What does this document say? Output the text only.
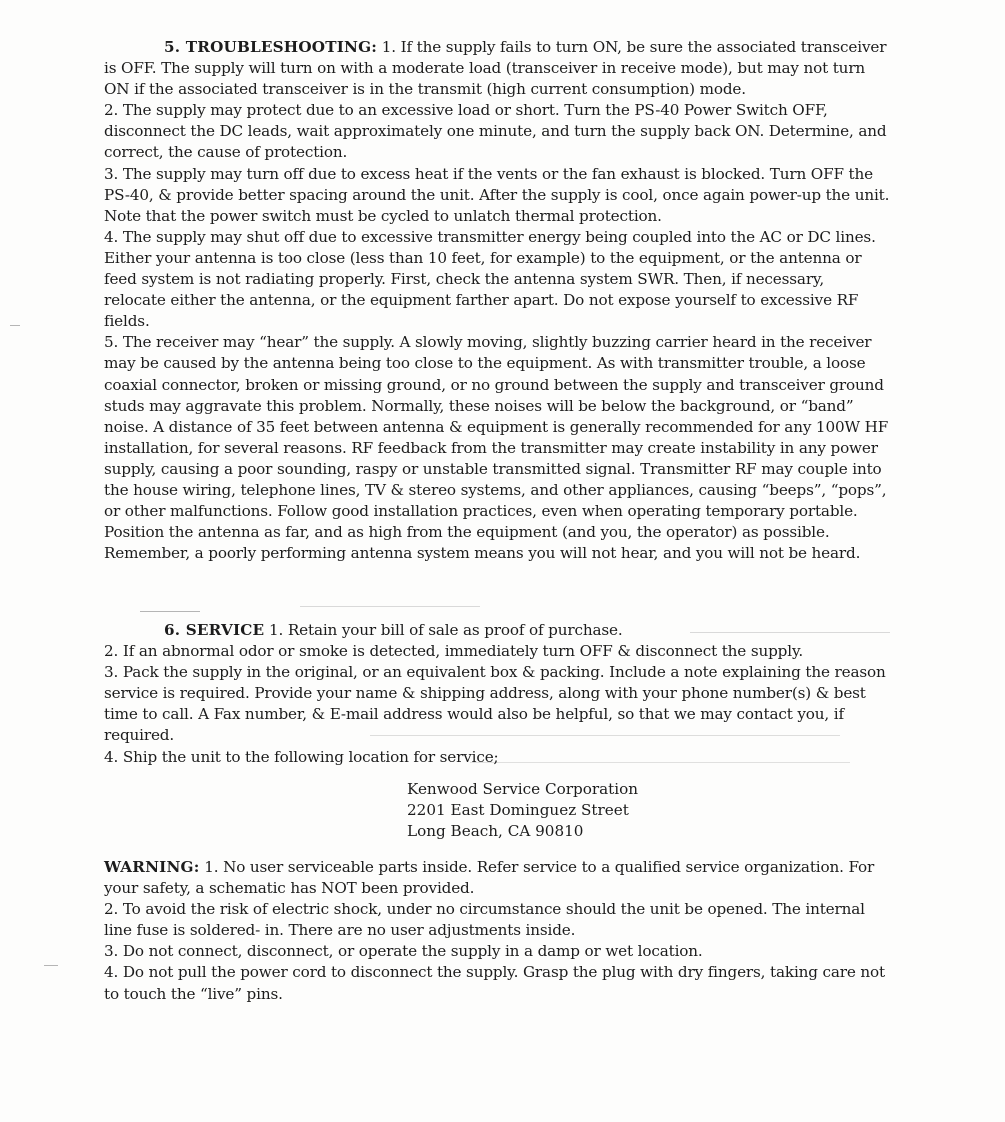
5. TROUBLESHOOTING: 1. If the supply fails to turn ON, be sure the associated transceiver is OFF. The supply will turn on with a moderate load (transceiver in receive mode), but may not turn ON if the associated transceiver is in the transmit (high current consumption) mode.

2. The supply may protect due to an excessive load or short. Turn the PS-40 Power Switch OFF, disconnect the DC leads, wait approximately one minute, and turn the supply back ON. Determine, and correct, the cause of protection.

3. The supply may turn off due to excess heat if the vents or the fan exhaust is blocked. Turn OFF the PS-40, & provide better spacing around the unit. After the supply is cool, once again power-up the unit. Note that the power switch must be cycled to unlatch thermal protection.

4. The supply may shut off due to excessive transmitter energy being coupled into the AC or DC lines. Either your antenna is too close (less than 10 feet, for example) to the equipment, or the antenna or feed system is not radiating properly. First, check the antenna system SWR. Then, if necessary, relocate either the antenna, or the equipment farther apart. Do not expose yourself to excessive RF fields.

5. The receiver may “hear” the supply. A slowly moving, slightly buzzing carrier heard in the receiver may be caused by the antenna being too close to the equipment. As with transmitter trouble, a loose coaxial connector, broken or missing ground, or no ground between the supply and transceiver ground studs may aggravate this problem. Normally, these noises will be below the background, or “band” noise. A distance of 35 feet between antenna & equipment is generally recommended for any 100W HF installation, for several reasons. RF feedback from the transmitter may create instability in any power supply, causing a poor sounding, raspy or unstable transmitted signal. Transmitter RF may couple into the house wiring, telephone lines, TV & stereo systems, and other appliances, causing “beeps”, “pops”, or other malfunctions. Follow good installation practices, even when operating temporary portable. Position the antenna as far, and as high from the equipment (and you, the operator) as possible. Remember, a poorly performing antenna system means you will not hear, and you will not be heard.

6. SERVICE 1. Retain your bill of sale as proof of purchase.

2. If an abnormal odor or smoke is detected, immediately turn OFF & disconnect the supply.

3. Pack the supply in the original, or an equivalent box & packing. Include a note explaining the reason service is required. Provide your name & shipping address, along with your phone number(s) & best time to call. A Fax number, & E-mail address would also be helpful, so that we may contact you, if required.

4. Ship the unit to the following location for service;

Kenwood Service Corporation
2201 East Dominguez Street
Long Beach, CA 90810

WARNING: 1. No user serviceable parts inside. Refer service to a qualified service organization. For your safety, a schematic has NOT been provided.

2. To avoid the risk of electric shock, under no circumstance should the unit be opened. The internal line fuse is soldered- in. There are no user adjustments inside.

3. Do not connect, disconnect, or operate the supply in a damp or wet location.

4. Do not pull the power cord to disconnect the supply. Grasp the plug with dry fingers, taking care not to touch the “live” pins.
